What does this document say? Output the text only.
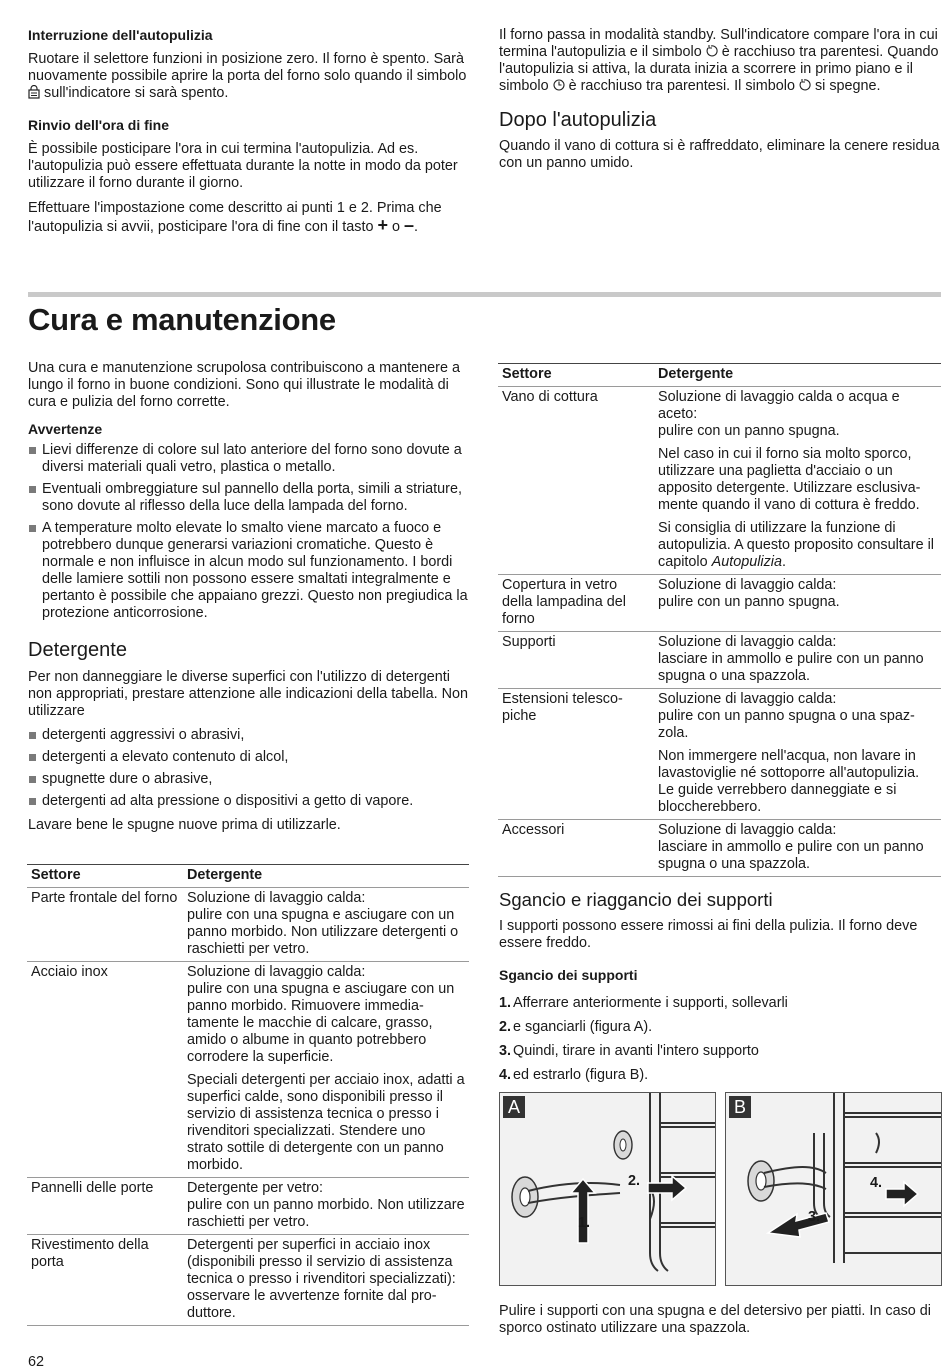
Interruzione dell'autopulizia

Ruotare il selettore funzioni in posizione zero. Il forno è spento. Sarà nuovamente possibile aprire la porta del forno solo quando il simbolo  sull'indicatore si sarà spento.

Rinvio dell'ora di fine

È possibile posticipare l'ora in cui termina l'autopulizia. Ad es. l'autopulizia può essere effettuata durante la notte in modo da poter utilizzare il forno durante il giorno.

Effettuare l'impostazione come descritto ai punti 1 e 2. Prima che l'autopulizia si avvii, posticipare l'ora di fine con il tasto + o –.

Il forno passa in modalità standby. Sull'indicatore compare l'ora in cui termina l'autopulizia e il simbolo è racchiuso tra parentesi. Quando l'autopulizia si attiva, la durata inizia a scorrere in primo piano e il simbolo è racchiuso tra parentesi. Il simbolo si spegne.

Dopo l'autopulizia

Quando il vano di cottura si è raffreddato, eliminare la cenere residua con un panno umido.

Cura e manutenzione

Una cura e manutenzione scrupolosa contribuiscono a mantenere a lungo il forno in buone condizioni. Sono qui illustrate le modalità di cura e pulizia del forno corrette.

Avvertenze

Lievi differenze di colore sul lato anteriore del forno sono dovute a diversi materiali quali vetro, plastica o metallo.

Eventuali ombreggiature sul pannello della porta, simili a striature, sono dovute al riflesso della luce della lampada del forno.

A temperature molto elevate lo smalto viene marcato a fuoco e potrebbero dunque generarsi variazioni cromatiche. Questo è normale e non influisce in alcun modo sul funzionamento. I bordi delle lamiere sottili non possono essere smaltati integralmente e pertanto è possibile che appaiano grezzi. Questo non pregiudica la protezione anticorrosione.

Detergente

Per non danneggiare le diverse superfici con l'utilizzo di detergenti non appropriati, prestare attenzione alle indicazioni della tabella. Non utilizzare

detergenti aggressivi o abrasivi,

detergenti a elevato contenuto di alcol,

spugnette dure o abrasive,

detergenti ad alta pressione o dispositivi a getto di vapore.

Lavare bene le spugne nuove prima di utilizzarle.

Settore	Detergente
Parte frontale del forno	Soluzione di lavaggio calda:
pulire con una spugna e asciugare con un panno morbido. Non utilizzare detergenti o raschietti per vetro.

Acciaio inox	Soluzione di lavaggio calda:
pulire con una spugna e asciugare con un panno morbido. Rimuovere immediatamente le macchie di calcare, grasso, amido o albume in quanto potrebbero corrodere la superficie.

Speciali detergenti per acciaio inox, adatti a superfici calde, sono disponibili presso il servizio di assistenza tecnica o presso i rivenditori specializzati. Stendere uno strato sottile di detergente con un panno morbido.

Pannelli delle porte	Detergente per vetro:
pulire con un panno morbido. Non utilizzare raschietti per vetro.

Rivestimento della porta	Detergenti per superfici in acciaio inox (disponibili presso il servizio di assistenza tecnica o presso i rivenditori specializzati):
osservare le avvertenze fornite dal produttore.

Settore	Detergente
Vano di cottura	Soluzione di lavaggio calda o acqua e aceto:
pulire con un panno spugna.

Nel caso in cui il forno sia molto sporco, utilizzare una paglietta d'acciaio o un apposito detergente. Utilizzare esclusivamente quando il vano di cottura è freddo.

Si consiglia di utilizzare la funzione di autopulizia. A questo proposito consultare il capitolo Autopulizia.

Copertura in vetro della lampadina del forno	Soluzione di lavaggio calda:
pulire con un panno spugna.

Supporti	Soluzione di lavaggio calda:
lasciare in ammollo e pulire con un panno spugna o una spazzola.

Estensioni telescopiche	Soluzione di lavaggio calda:
pulire con un panno spugna o una spazzola.

Non immergere nell'acqua, non lavare in lavastoviglie né sottoporre all'autopulizia. Le guide verrebbero danneggiate e si bloccherebbero.

Accessori	Soluzione di lavaggio calda:
lasciare in ammollo e pulire con un panno spugna o una spazzola.

Sgancio e riaggancio dei supporti

I supporti possono essere rimossi ai fini della pulizia. Il forno deve essere freddo.

Sgancio dei supporti

1. Afferrare anteriormente i supporti, sollevarli
2. e sganciarli (figura A).
3. Quindi, tirare in avanti l'intero supporto
4. ed estrarlo (figura B).
A
1.
2.
B
3.
4.

Pulire i supporti con una spugna e del detersivo per piatti. In caso di sporco ostinato utilizzare una spazzola.

62
